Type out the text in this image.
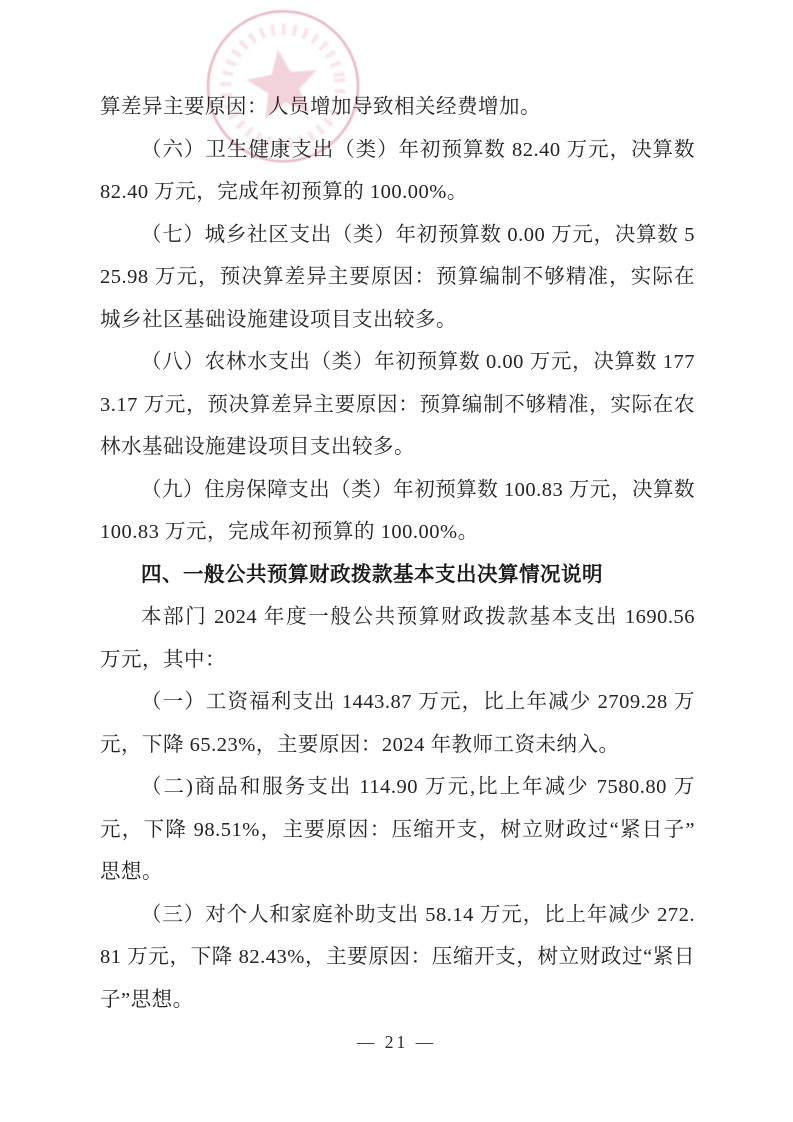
算差异主要原因：人员增加导致相关经费增加。

（六）卫生健康支出（类）年初预算数 82.40 万元，决算数 82.40 万元，完成年初预算的 100.00%。

（七）城乡社区支出（类）年初预算数 0.00 万元，决算数 525.98 万元，预决算差异主要原因：预算编制不够精准，实际在城乡社区基础设施建设项目支出较多。

（八）农林水支出（类）年初预算数 0.00 万元，决算数 1773.17 万元，预决算差异主要原因：预算编制不够精准，实际在农林水基础设施建设项目支出较多。

（九）住房保障支出（类）年初预算数 100.83 万元，决算数 100.83 万元，完成年初预算的 100.00%。

四、一般公共预算财政拨款基本支出决算情况说明

本部门 2024 年度一般公共预算财政拨款基本支出 1690.56 万元，其中：

（一）工资福利支出 1443.87 万元，比上年减少 2709.28 万元，下降 65.23%，主要原因：2024 年教师工资未纳入。

（二)商品和服务支出 114.90 万元,比上年减少 7580.80 万元，下降 98.51%，主要原因：压缩开支，树立财政过“紧日子”思想。

（三）对个人和家庭补助支出 58.14 万元，比上年减少 272.81 万元，下降 82.43%，主要原因：压缩开支，树立财政过“紧日子”思想。

— 21 —
